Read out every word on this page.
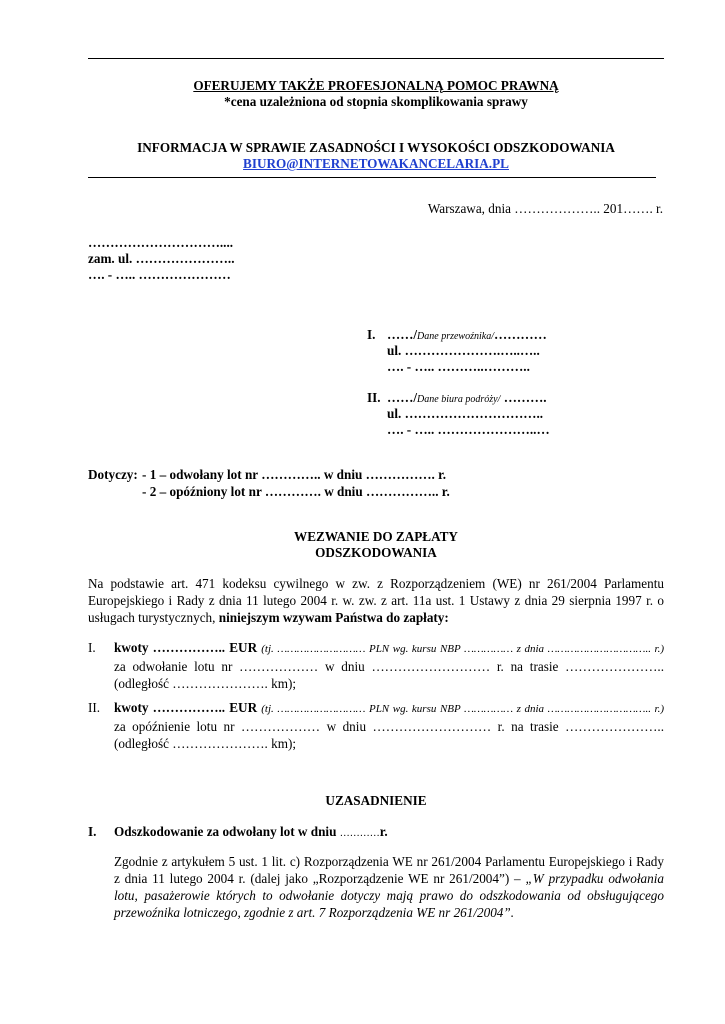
OFERUJEMY TAKŻE PROFESJONALNĄ POMOC PRAWNĄ
*cena uzależniona od stopnia skomplikowania sprawy
INFORMACJA W SPRAWIE ZASADNOŚCI I WYSOKOŚCI ODSZKODOWANIA
BIURO@INTERNETOWAKANCELARIA.PL
Warszawa, dnia ……………….. 201……. r.
…………………………....
zam. ul. …………………..
…. - ….. …………………
I. ……/Dane przewoźnika/…………
ul. ………………….…..…..
…. - ….. ………..………..
II. ……/Dane biura podróży/ ……….
ul. …………………………..
…. - ….. …………………..…
Dotyczy: - 1 – odwołany lot nr ………….. w dniu ……………. r.
- 2 – opóźniony lot nr …………. w dniu …………….. r.
WEZWANIE DO ZAPŁATY
ODSZKODOWANIA
Na podstawie art. 471 kodeksu cywilnego w zw. z Rozporządzeniem (WE) nr 261/2004 Parlamentu Europejskiego i Rady z dnia 11 lutego 2004 r. w. zw. z art. 11a ust. 1 Ustawy z dnia 29 sierpnia 1997 r. o usługach turystycznych, niniejszym wzywam Państwa do zapłaty:
I. kwoty …………….. EUR (tj. ……………………… PLN wg. kursu NBP …………… z dnia ………………………….. r.) za odwołanie lotu nr ……………… w dniu ……………………… r. na trasie ………………….. (odległość …………………. km);
II. kwoty …………….. EUR (tj. ……………………… PLN wg. kursu NBP …………… z dnia ………………………….. r.) za opóźnienie lotu nr ……………… w dniu ……………………… r. na trasie ………………….. (odległość …………………. km);
UZASADNIENIE
I. Odszkodowanie za odwołany lot w dniu …………r.
Zgodnie z artykułem 5 ust. 1 lit. c) Rozporządzenia WE nr 261/2004 Parlamentu Europejskiego i Rady z dnia 11 lutego 2004 r. (dalej jako „Rozporządzenie WE nr 261/2004”) – „W przypadku odwołania lotu, pasażerowie których to odwołanie dotyczy mają prawo do odszkodowania od obsługującego przewoźnika lotniczego, zgodnie z art. 7 Rozporządzenia WE nr 261/2004”.
